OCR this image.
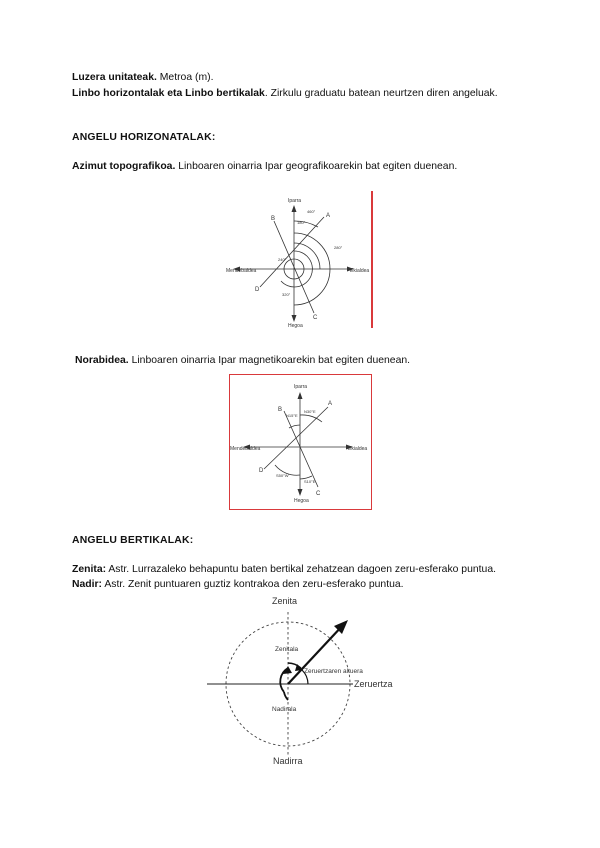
Luzera unitateak. Metroa (m).
Linbo horizontalak eta Linbo bertikalak. Zirkulu graduatu batean neurtzen diren angeluak.
ANGELU HORIZONATALAK:
Azimut topografikoa. Linboaren oinarria Ipar geografikoarekin bat egiten duenean.
Iparra
Ekialdea
Mendebaldea
Hegoa
A
B
C
D
460°
180°
280°
240°
320°
Norabidea. Linboaren oinarria Ipar magnetikoarekin bat egiten duenean.
Iparra
Ekialdea
Mendebaldea
Hegoa
A
B
C
D
N30°E
N15°E
S50°W
S10°E
ANGELU BERTIKALAK:
Zenita: Astr. Lurrazaleko behapuntu baten bertikal zehatzean dagoen zeru-esferako puntua.
Nadir: Astr. Zenit puntuaren guztiz kontrakoa den zeru-esferako puntua.
Zenita
Zenitala
Zeruertzaren altuera
Zeruertza
Nadirala
Nadirra
